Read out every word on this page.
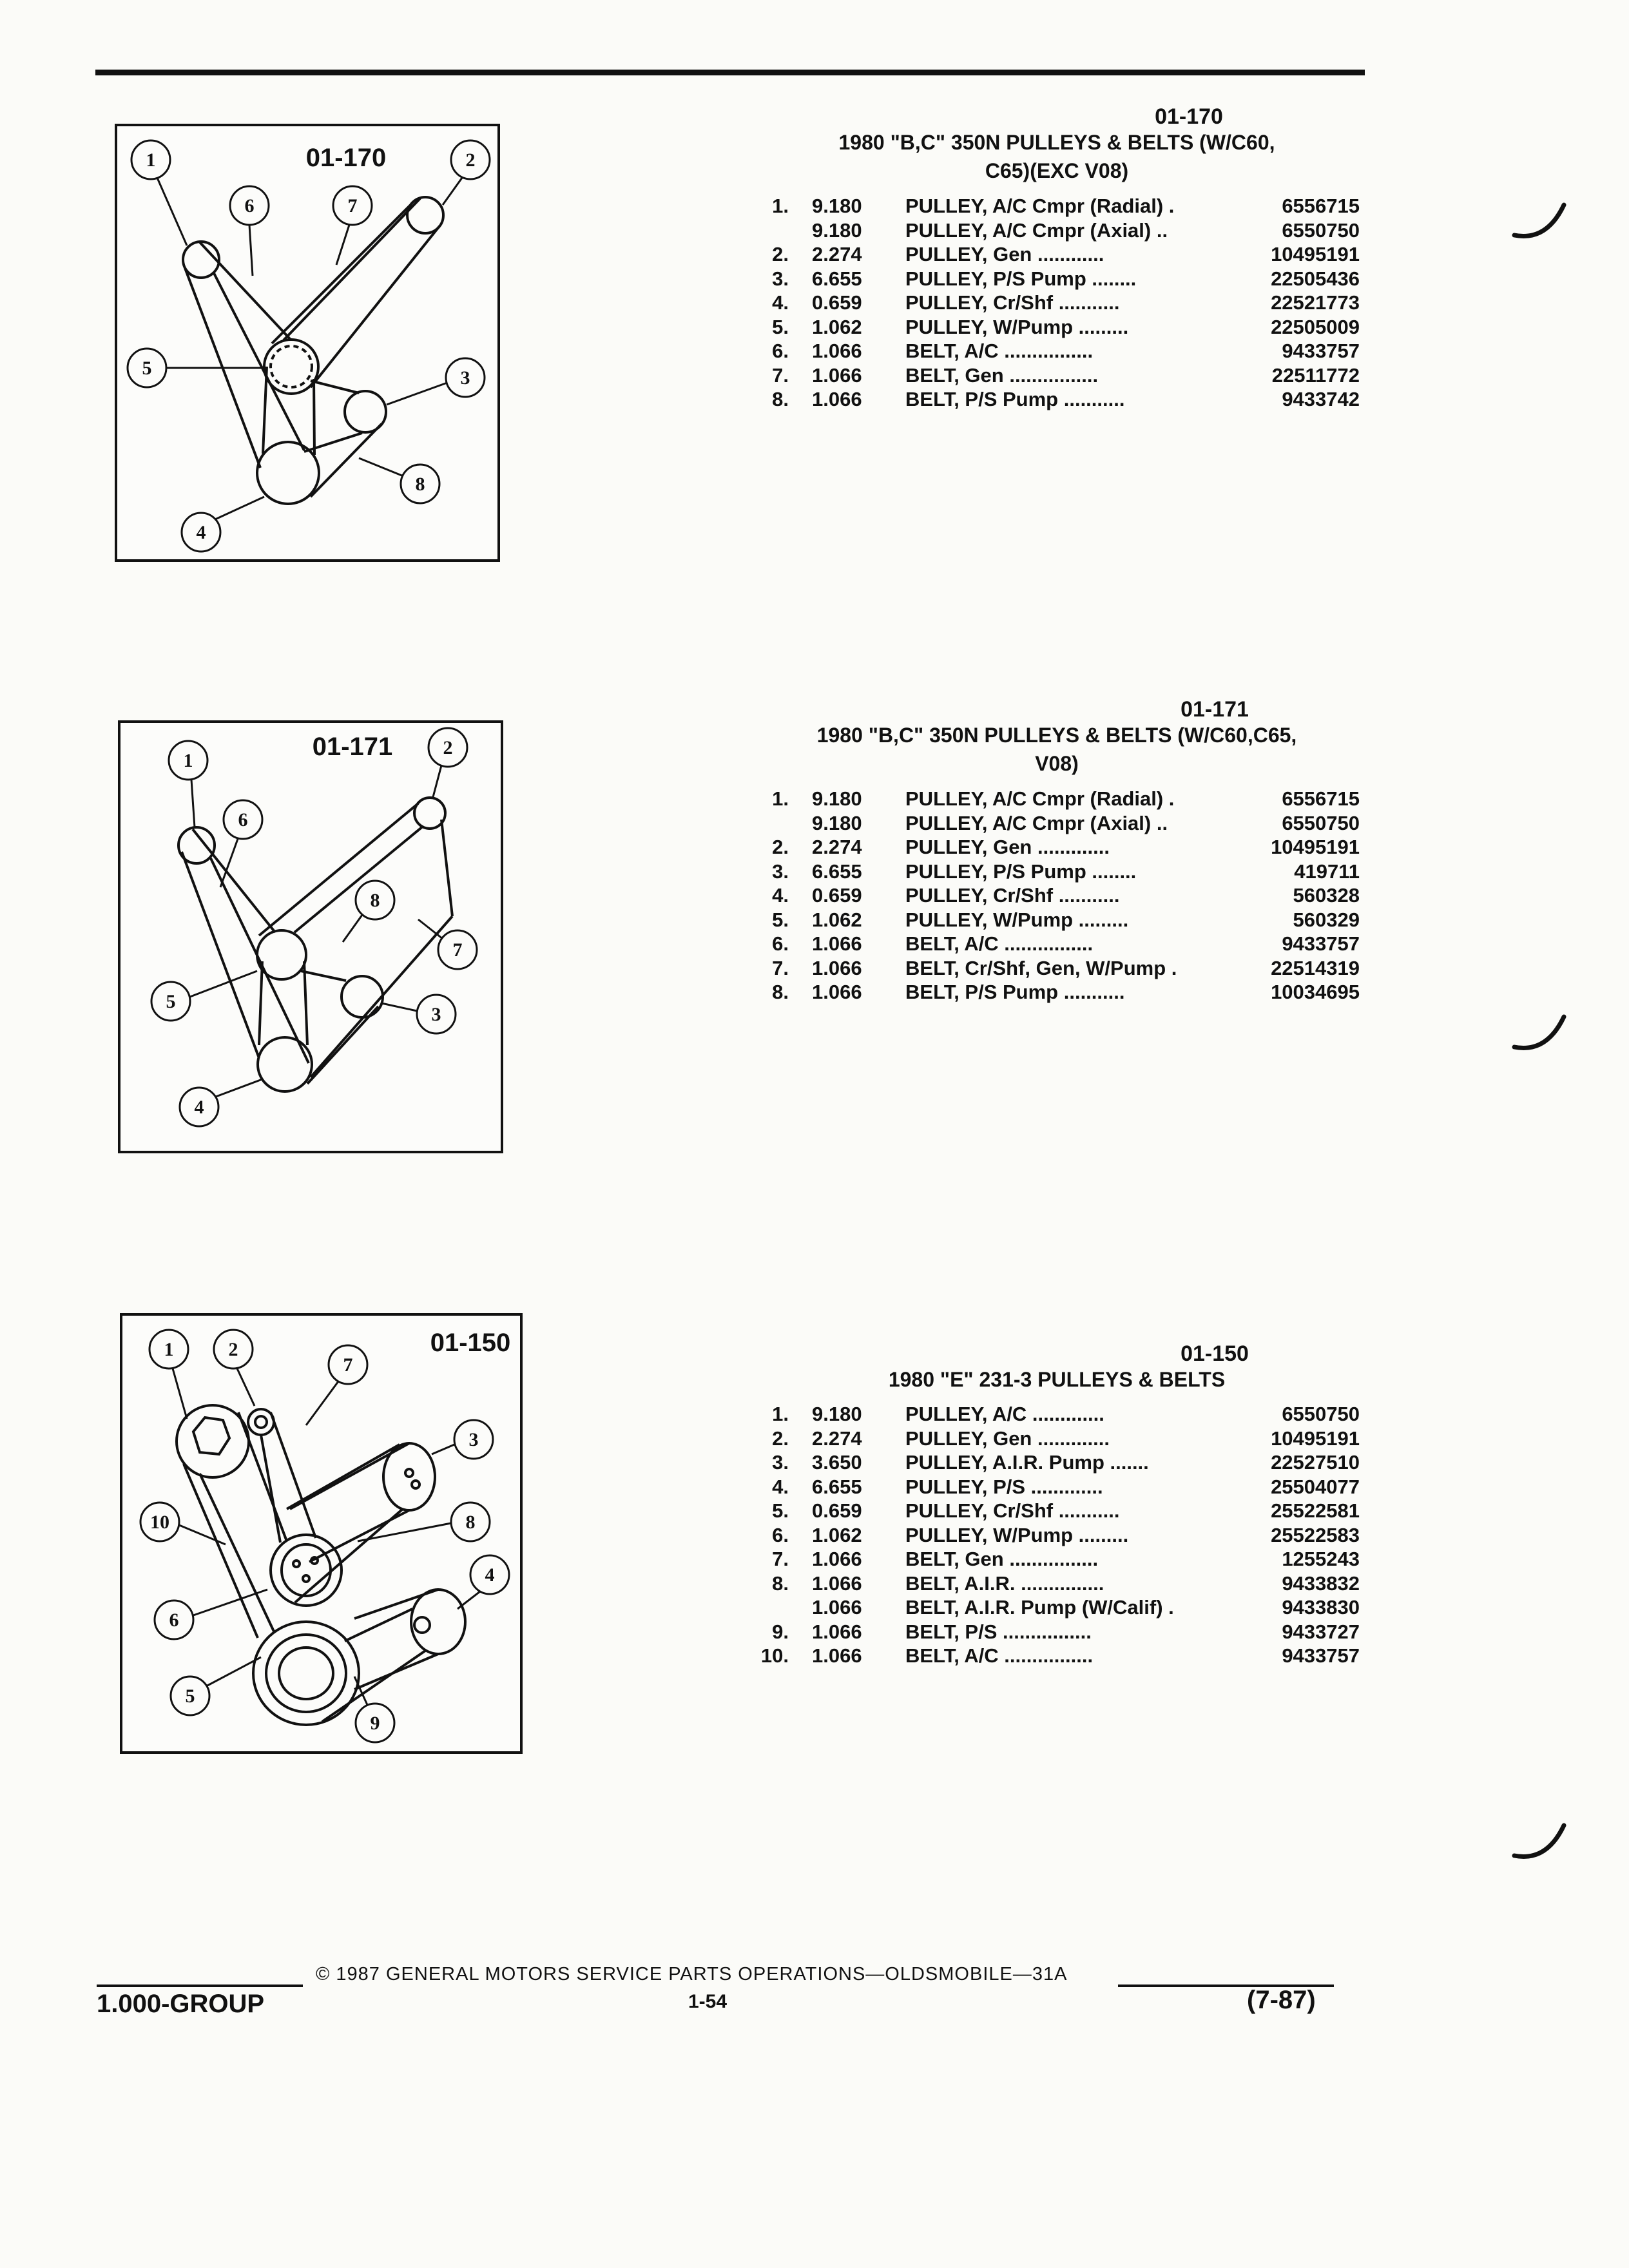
1	2
3
4
5
6	7
8
01-170
1
2
3
4
5
6
7
8
01-171
1	2
3
4
5
6
7
8
9
10
01-150
01-170
1980 "B,C" 350N PULLEYS & BELTS (W/C60,
C65)(EXC V08)
1. 9.180 PULLEY, A/C Cmpr (Radial) .	6556715
9.180 PULLEY, A/C Cmpr (Axial) ..	6550750
2. 2.274 PULLEY, Gen ............	10495191
3. 6.655 PULLEY, P/S Pump ........	22505436
4. 0.659 PULLEY, Cr/Shf ...........	22521773
5. 1.062 PULLEY, W/Pump .........	22505009
6. 1.066 BELT, A/C ................	9433757
7. 1.066 BELT, Gen ................	22511772
8. 1.066 BELT, P/S Pump ...........	9433742
01-171
1980 "B,C" 350N PULLEYS & BELTS (W/C60,C65,
V08)
1. 9.180 PULLEY, A/C Cmpr (Radial) .	6556715
9.180 PULLEY, A/C Cmpr (Axial) ..	6550750
2. 2.274 PULLEY, Gen .............	10495191
3. 6.655 PULLEY, P/S Pump ........	419711
4. 0.659 PULLEY, Cr/Shf ...........	560328
5. 1.062 PULLEY, W/Pump .........	560329
6. 1.066 BELT, A/C ................	9433757
7. 1.066 BELT, Cr/Shf, Gen, W/Pump .	22514319
8. 1.066 BELT, P/S Pump ...........	10034695
01-150
1980 "E" 231-3 PULLEYS & BELTS
1. 9.180 PULLEY, A/C .............	6550750
2. 2.274 PULLEY, Gen .............	10495191
3. 3.650 PULLEY, A.I.R. Pump .......	22527510
4. 6.655 PULLEY, P/S .............	25504077
5. 0.659 PULLEY, Cr/Shf ...........	25522581
6. 1.062 PULLEY, W/Pump .........	25522583
7. 1.066 BELT, Gen ................	1255243
8. 1.066 BELT, A.I.R. ...............	9433832
1.066 BELT, A.I.R. Pump (W/Calif) .	9433830
9. 1.066 BELT, P/S ................	9433727
10. 1.066 BELT, A/C ................	9433757
1.000-GROUP
© 1987 GENERAL MOTORS SERVICE PARTS OPERATIONS—OLDSMOBILE—31A
1-54	(7-87)
